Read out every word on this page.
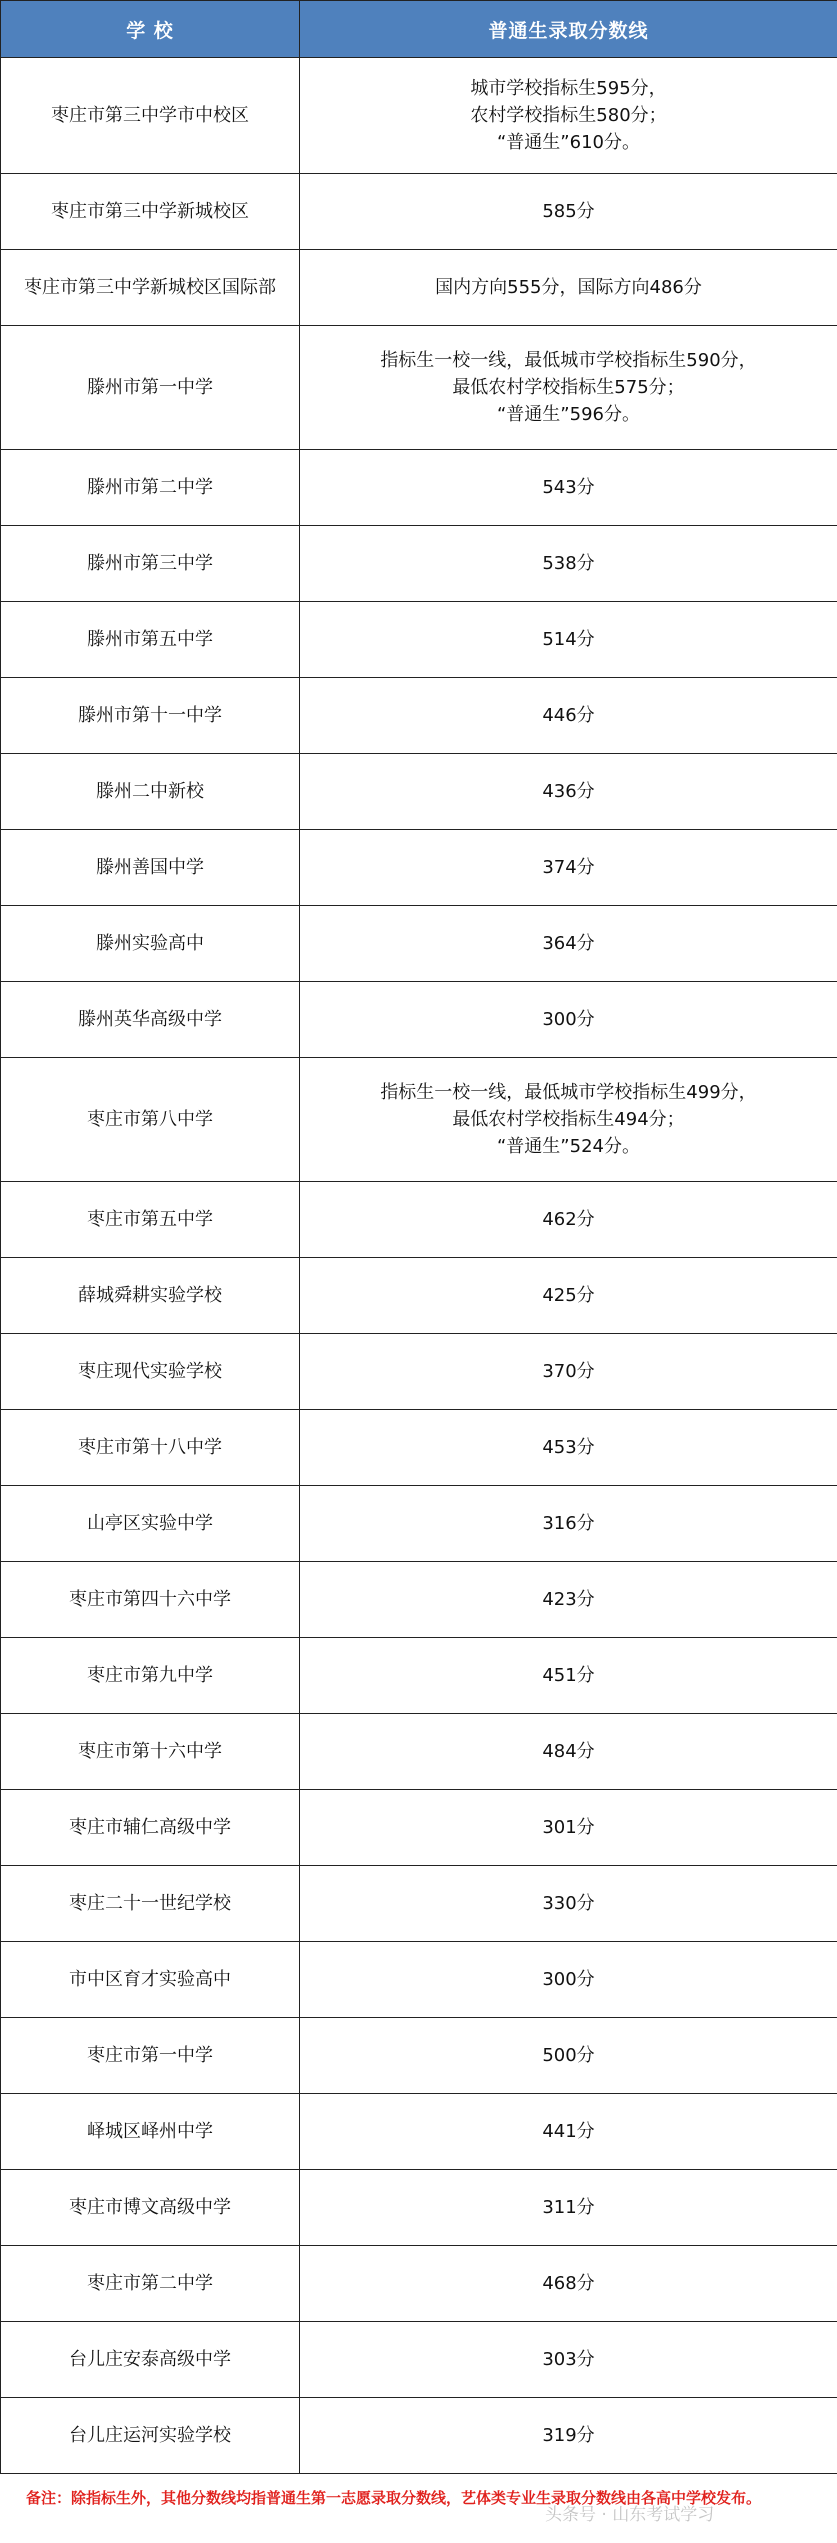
学 校	普通生录取分数线
枣庄市第三中学市中校区	城市学校指标生595分，
农村学校指标生580分；
“普通生”610分。

枣庄市第三中学新城校区	585分

枣庄市第三中学新城校区国际部	国内方向555分，国际方向486分

滕州市第一中学	指标生一校一线，最低城市学校指标生590分，
最低农村学校指标生575分；
“普通生”596分。

滕州市第二中学	543分

滕州市第三中学	538分

滕州市第五中学	514分

滕州市第十一中学	446分

滕州二中新校	436分

滕州善国中学	374分

滕州实验高中	364分

滕州英华高级中学	300分

枣庄市第八中学	指标生一校一线，最低城市学校指标生499分，
最低农村学校指标生494分；
“普通生”524分。

枣庄市第五中学	462分

薛城舜耕实验学校	425分

枣庄现代实验学校	370分

枣庄市第十八中学	453分

山亭区实验中学	316分

枣庄市第四十六中学	423分

枣庄市第九中学	451分

枣庄市第十六中学	484分

枣庄市辅仁高级中学	301分

枣庄二十一世纪学校	330分

市中区育才实验高中	300分

枣庄市第一中学	500分

峄城区峄州中学	441分

枣庄市博文高级中学	311分

枣庄市第二中学	468分

台儿庄安泰高级中学	303分

台儿庄运河实验学校	319分
备注：除指标生外，其他分数线均指普通生第一志愿录取分数线，艺体类专业生录取分数线由各高中学校发布。
头条号 · 山东考试学习
